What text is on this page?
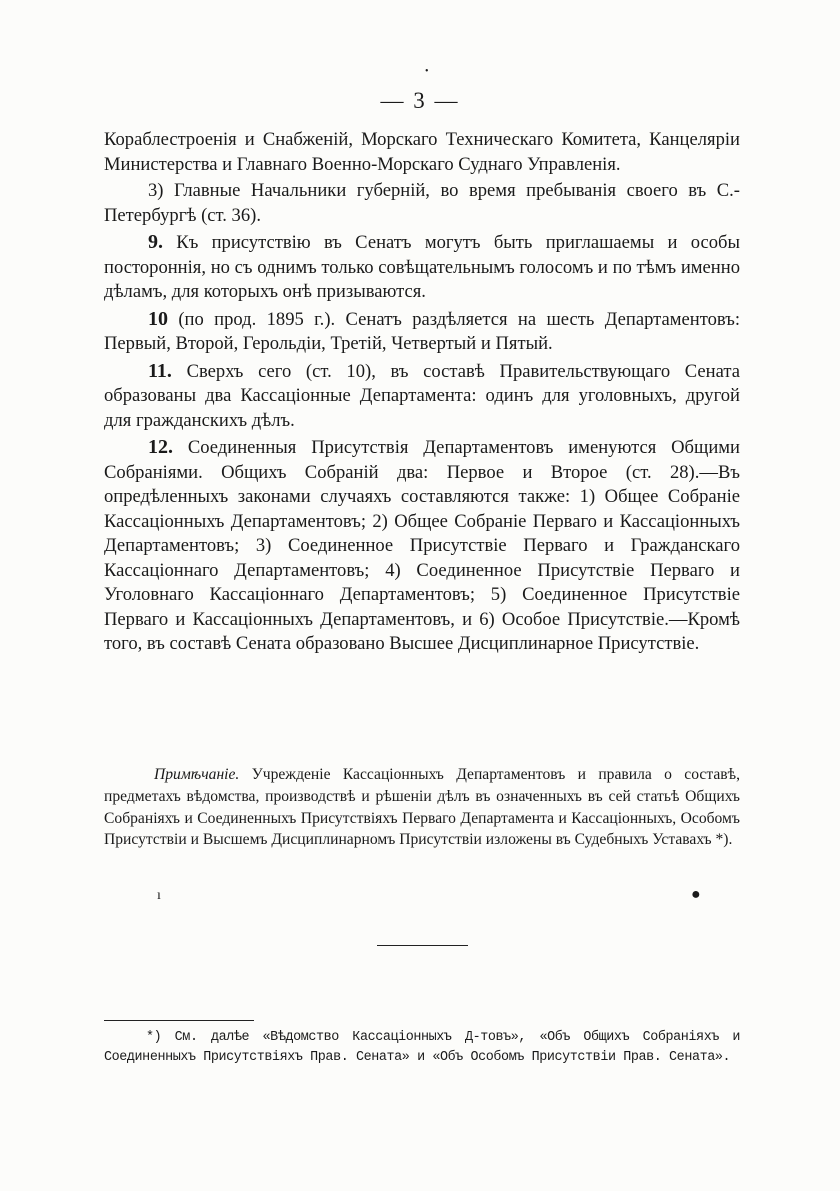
•
— 3 —

Кораблестроенія и Снабженій, Морскаго Техническаго Комитета, Канцеляріи Министерства и Главнаго Военно-Морскаго Суднаго Управленія.

3) Главные Начальники губерній, во время пребыванія своего въ С.-Петербургѣ (ст. 36).

9. Къ присутствію въ Сенатъ могутъ быть приглашаемы и особы постороннія, но съ однимъ только совѣщательнымъ голосомъ и по тѣмъ именно дѣламъ, для которыхъ онѣ призываются.

10 (по прод. 1895 г.). Сенатъ раздѣляется на шесть Департаментовъ: Первый, Второй, Герольдіи, Третій, Четвертый и Пятый.

11. Сверхъ сего (ст. 10), въ составѣ Правительствующаго Сената образованы два Кассаціонные Департамента: одинъ для уголовныхъ, другой для гражданскихъ дѣлъ.

12. Соединенныя Присутствія Департаментовъ именуются Общими Собраніями. Общихъ Собраній два: Первое и Второе (ст. 28).—Въ опредѣленныхъ законами случаяхъ составляются также: 1) Общее Собраніе Кассаціонныхъ Департаментовъ; 2) Общее Собраніе Перваго и Кассаціонныхъ Департаментовъ; 3) Соединенное Присутствіе Перваго и Гражданскаго Кассаціоннаго Департаментовъ; 4) Соединенное Присутствіе Перваго и Уголовнаго Кассаціоннаго Департаментовъ; 5) Соединенное Присутствіе Перваго и Кассаціонныхъ Департаментовъ, и 6) Особое Присутствіе.—Кромѣ того, въ составѣ Сената образовано Высшее Дисциплинарное Присутствіе.

Примѣчаніе. Учрежденіе Кассаціонныхъ Департаментовъ и правила о составѣ, предметахъ вѣдомства, производствѣ и рѣшеніи дѣлъ въ означенныхъ въ сей статьѣ Общихъ Собраніяхъ и Соединенныхъ Присутствіяхъ Перваго Департамента и Кассаціонныхъ, Особомъ Присутствіи и Высшемъ Дисциплинарномъ Присутствіи изложены въ Судебныхъ Уставахъ *).
ı	●
*) См. далѣе «Вѣдомство Кассаціонныхъ Д-товъ», «Объ Общихъ Собраніяхъ и Соединенныхъ Присутствіяхъ Прав. Сената» и «Объ Особомъ Присутствіи Прав. Сената».
